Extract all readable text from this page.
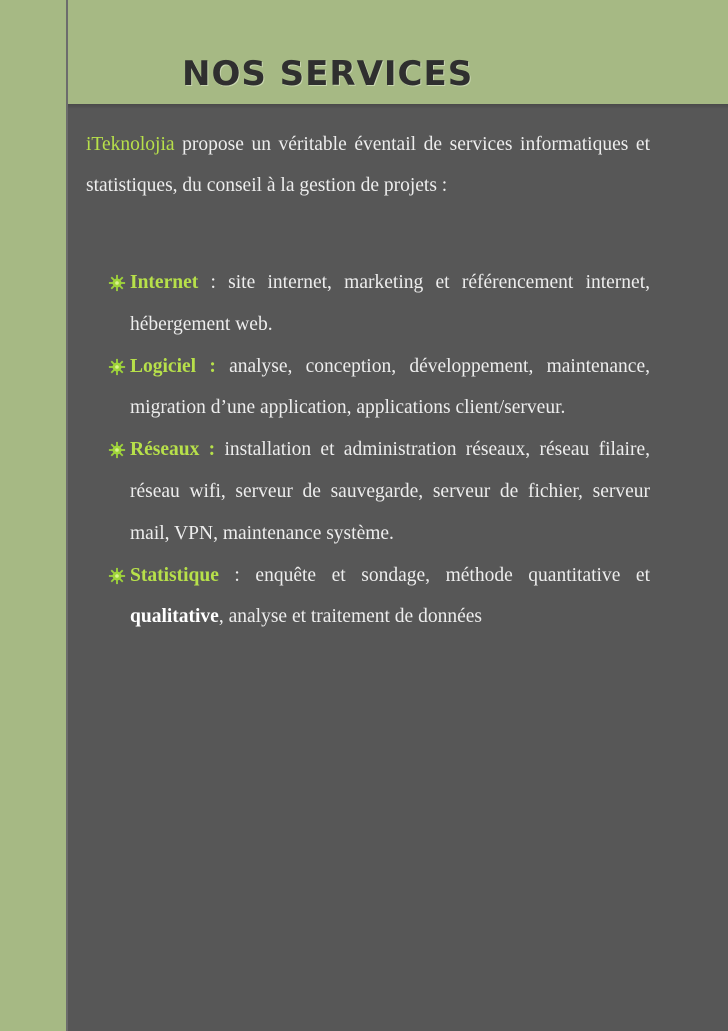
NOS SERVICES

iTeknolojia propose un véritable éventail de services informatiques et statistiques, du conseil à la gestion de projets :

Internet : site internet, marketing et référencement internet, hébergement web.
Logiciel : analyse, conception, développement, maintenance, migration d’une application, applications client/serveur.
Réseaux : installation et administration réseaux, réseau filaire, réseau wifi, serveur de sauvegarde, serveur de fichier, serveur mail, VPN, maintenance système.
Statistique : enquête et sondage, méthode quantitative et qualitative, analyse et traitement de données
